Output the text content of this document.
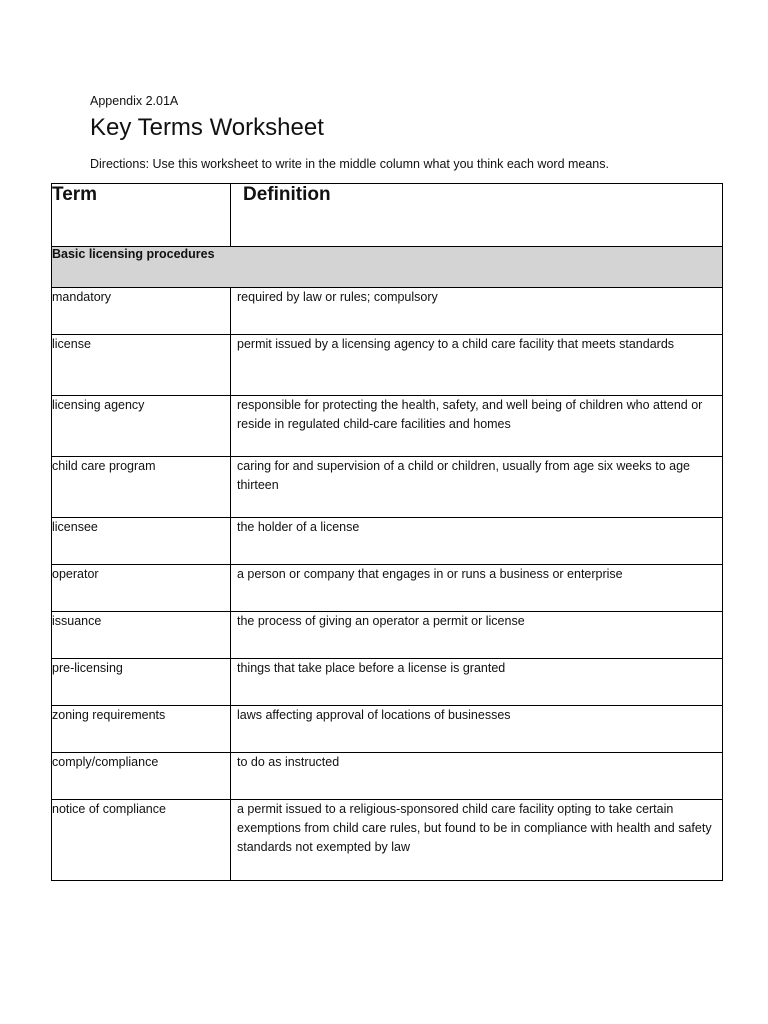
Appendix 2.01A
Key Terms Worksheet
Directions: Use this worksheet to write in the middle column what you think each word means.
Term	Definition
Basic licensing procedures	
mandatory	required by law or rules; compulsory
license	permit issued by a licensing agency to a child care facility that meets standards
licensing agency	responsible for protecting the health, safety, and well being of children who attend or reside in regulated child-care facilities and homes
child care program	caring for and supervision of a child or children, usually from age six weeks to age thirteen
licensee	the holder of a license
operator	a person or company that engages in or runs a business or enterprise
issuance	the process of giving an operator a permit or license
pre-licensing	things that take place before a license is granted
zoning requirements	laws affecting approval of locations of businesses
comply/compliance	to do as instructed
notice of compliance	a permit issued to a religious-sponsored child care facility opting to take certain exemptions from child care rules, but found to be in compliance with health and safety standards not exempted by law
